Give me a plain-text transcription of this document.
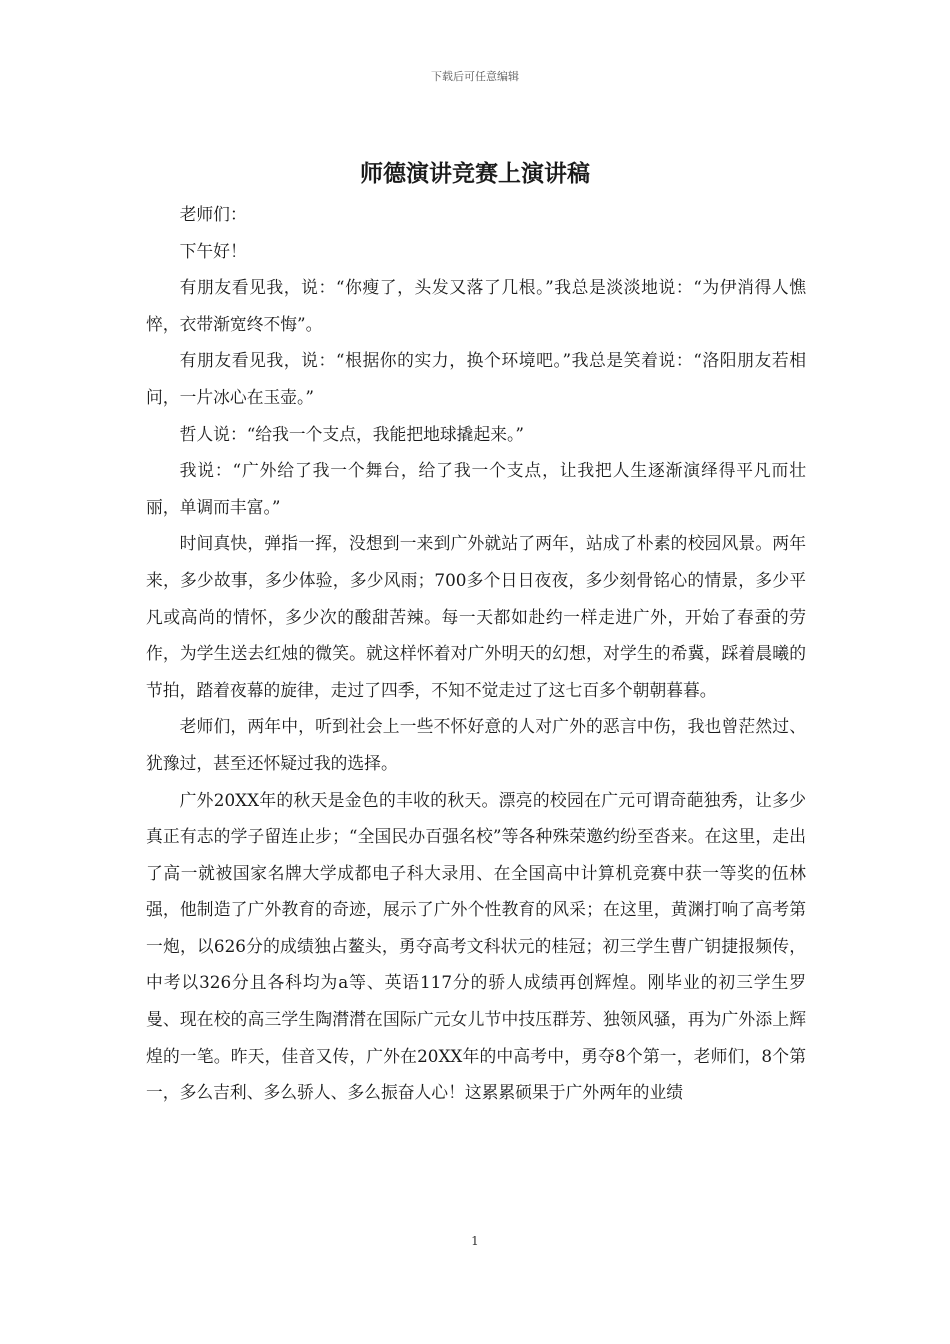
下载后可任意编辑
师德演讲竞赛上演讲稿

老师们：

下午好！

有朋友看见我，说：“你瘦了，头发又落了几根。”我总是淡淡地说：“为伊消得人憔悴，衣带渐宽终不悔”。

有朋友看见我，说：“根据你的实力，换个环境吧。”我总是笑着说：“洛阳朋友若相问，一片冰心在玉壶。”

哲人说：“给我一个支点，我能把地球撬起来。”

我说：“广外给了我一个舞台，给了我一个支点，让我把人生逐渐演绎得平凡而壮丽，单调而丰富。”

时间真快，弹指一挥，没想到一来到广外就站了两年，站成了朴素的校园风景。两年来，多少故事，多少体验，多少风雨；700多个日日夜夜，多少刻骨铭心的情景，多少平凡或高尚的情怀，多少次的酸甜苦辣。每一天都如赴约一样走进广外，开始了春蚕的劳作，为学生送去红烛的微笑。就这样怀着对广外明天的幻想，对学生的希冀，踩着晨曦的节拍，踏着夜幕的旋律，走过了四季，不知不觉走过了这七百多个朝朝暮暮。

老师们，两年中，听到社会上一些不怀好意的人对广外的恶言中伤，我也曾茫然过、犹豫过，甚至还怀疑过我的选择。

广外20XX年的秋天是金色的丰收的秋天。漂亮的校园在广元可谓奇葩独秀，让多少真正有志的学子留连止步；“全国民办百强名校”等各种殊荣邀约纷至沓来。在这里，走出了高一就被国家名牌大学成都电子科大录用、在全国高中计算机竞赛中获一等奖的伍林强，他制造了广外教育的奇迹，展示了广外个性教育的风采；在这里，黄渊打响了高考第一炮，以626分的成绩独占鳌头，勇夺高考文科状元的桂冠；初三学生曹广钥捷报频传，中考以326分且各科均为a等、英语117分的骄人成绩再创辉煌。刚毕业的初三学生罗曼、现在校的高三学生陶潸潸在国际广元女儿节中技压群芳、独领风骚，再为广外添上辉煌的一笔。昨天，佳音又传，广外在20XX年的中高考中，勇夺8个第一，老师们，8个第一，多么吉利、多么骄人、多么振奋人心！这累累硕果于广外两年的业绩

1
